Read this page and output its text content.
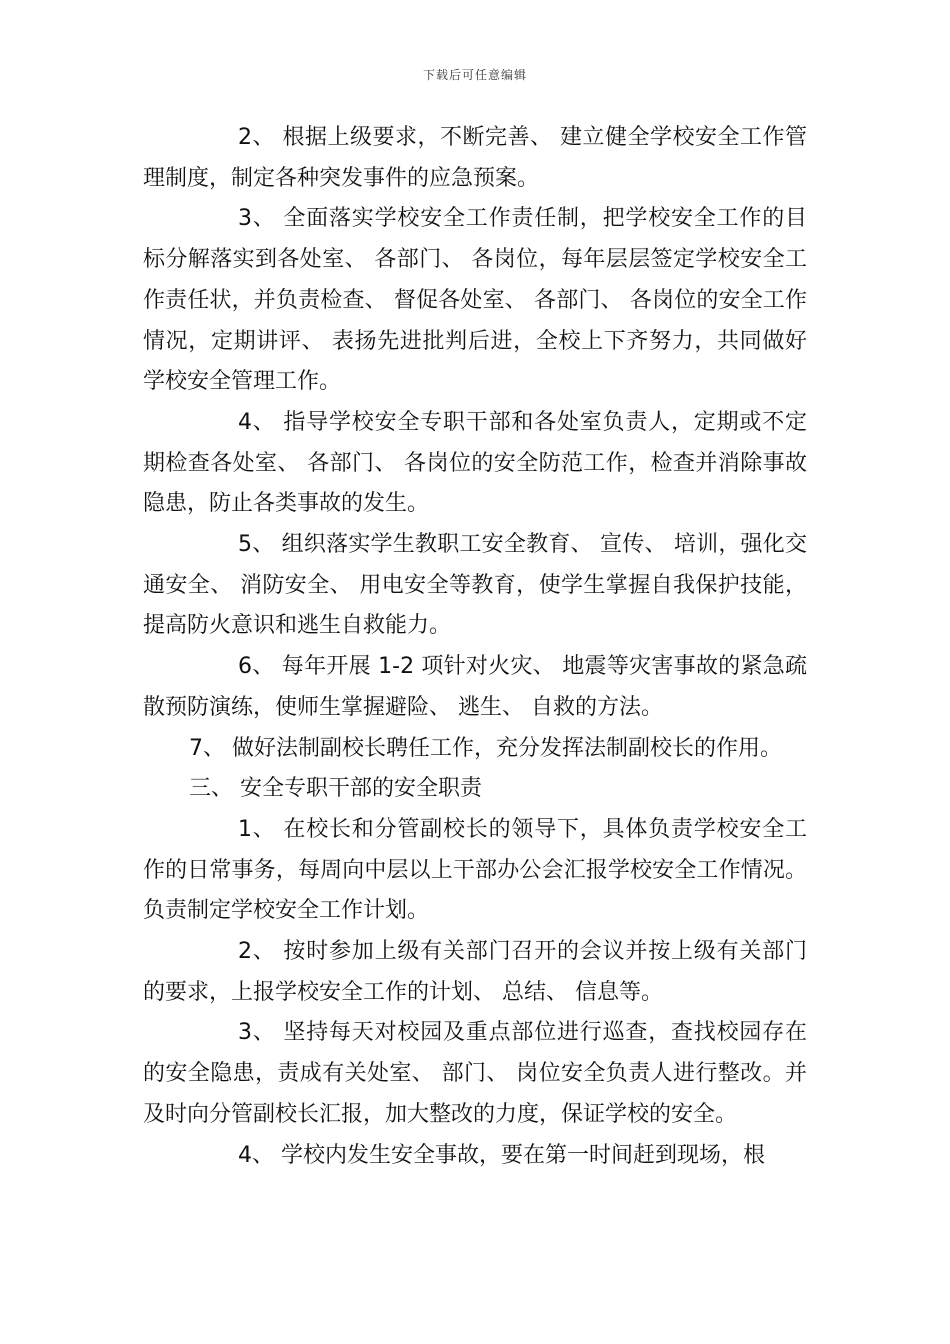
下载后可任意编辑

2、 根据上级要求，不断完善、 建立健全学校安全工作管理制度，制定各种突发事件的应急预案。

3、 全面落实学校安全工作责任制，把学校安全工作的目标分解落实到各处室、 各部门、 各岗位，每年层层签定学校安全工作责任状，并负责检查、 督促各处室、 各部门、 各岗位的安全工作情况，定期讲评、 表扬先进批判后进，全校上下齐努力，共同做好学校安全管理工作。

4、 指导学校安全专职干部和各处室负责人，定期或不定期检查各处室、 各部门、 各岗位的安全防范工作，检查并消除事故隐患，防止各类事故的发生。

5、 组织落实学生教职工安全教育、 宣传、 培训，强化交通安全、 消防安全、 用电安全等教育，使学生掌握自我保护技能，提高防火意识和逃生自救能力。

6、 每年开展 1-2 项针对火灾、 地震等灾害事故的紧急疏散预防演练，使师生掌握避险、 逃生、 自救的方法。

7、 做好法制副校长聘任工作，充分发挥法制副校长的作用。

三、 安全专职干部的安全职责

1、 在校长和分管副校长的领导下，具体负责学校安全工作的日常事务，每周向中层以上干部办公会汇报学校安全工作情况。负责制定学校安全工作计划。

2、 按时参加上级有关部门召开的会议并按上级有关部门的要求，上报学校安全工作的计划、 总结、 信息等。

3、 坚持每天对校园及重点部位进行巡查，查找校园存在的安全隐患，责成有关处室、 部门、 岗位安全负责人进行整改。并及时向分管副校长汇报，加大整改的力度，保证学校的安全。

4、 学校内发生安全事故，要在第一时间赶到现场，根
